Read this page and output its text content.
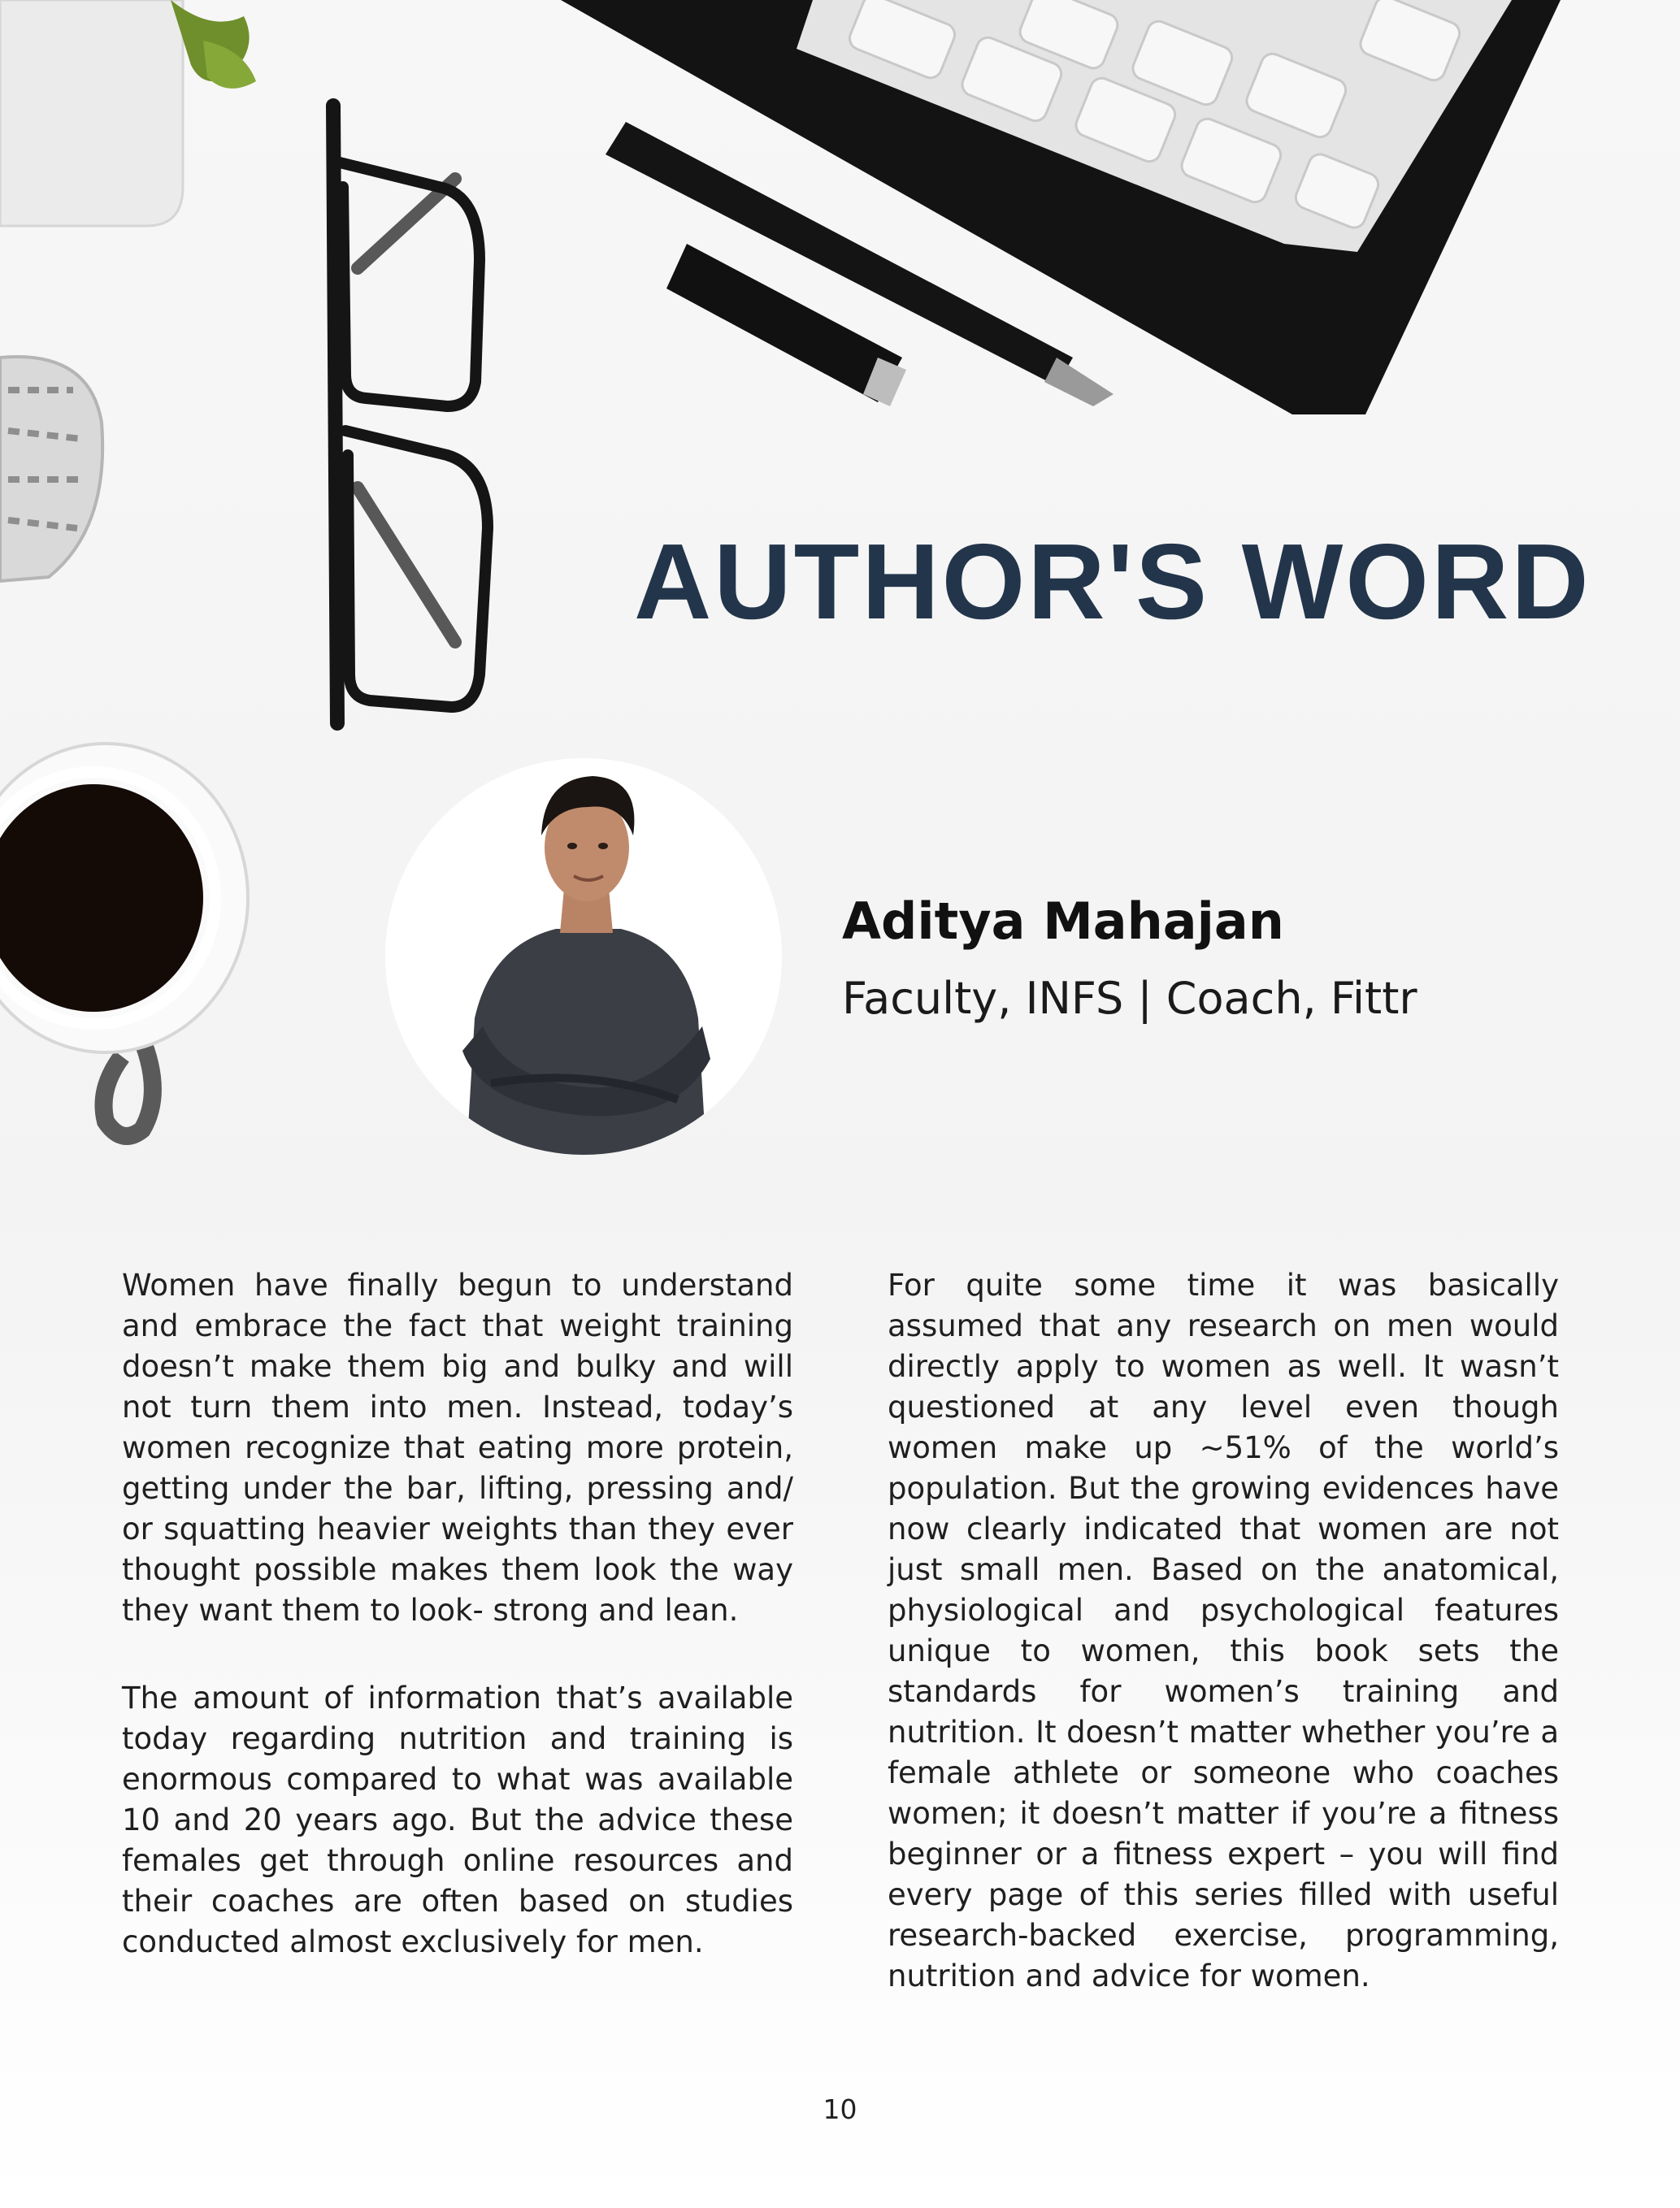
AUTHOR'S WORD
Aditya Mahajan

Faculty, INFS | Coach, Fittr

Women have finally begun to understand and embrace the fact that weight training doesn’t make them big and bulky and will not turn them into men. Instead, today’s women recognize that eating more protein, getting under the bar, lifting, pressing and/ or squatting heavier weights than they ever thought possible makes them look the way they want them to look- strong and lean.

The amount of information that’s available today regarding nutrition and training is enormous compared to what was available 10 and 20 years ago. But the advice these females get through online resources and their coaches are often based on studies conducted almost exclusively for men.

For quite some time it was basically assumed that any research on men would directly apply to women as well. It wasn’t questioned at any level even though women make up ~51% of the world’s population. But the growing evidences have now clearly indicated that women are not just small men. Based on the anatomical, physiological and psychological features unique to women, this book sets the standards for women’s training and nutrition. It doesn’t matter whether you’re a female athlete or someone who coaches women; it doesn’t matter if you’re a fitness beginner or a fitness expert – you will find every page of this series filled with useful research-backed exercise, programming, nutrition and advice for women.

10
